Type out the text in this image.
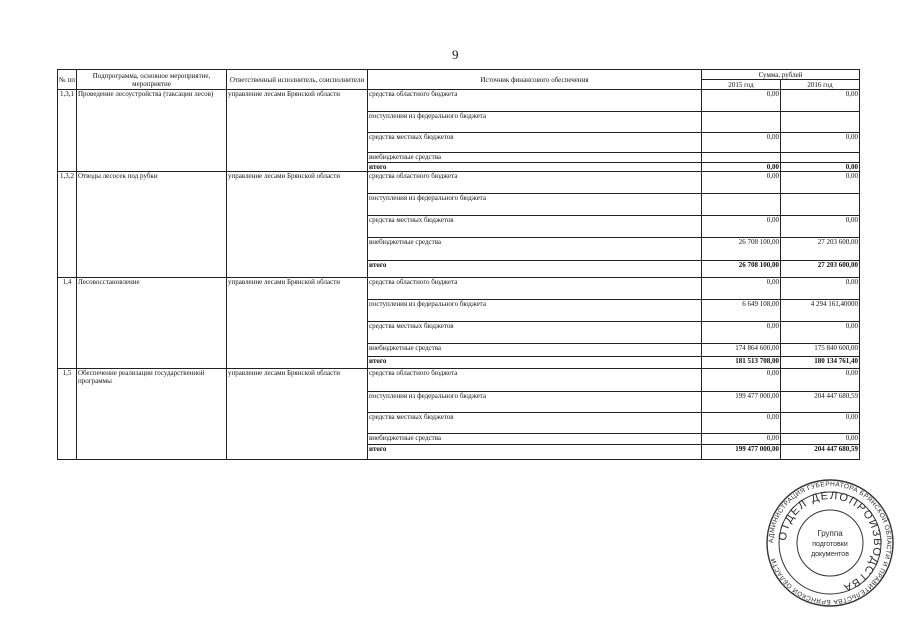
9
№ пп	Подпрограмма, основное мероприятие, мероприятие	Ответственный исполнитель, соисполнители	Источник финансового обеспечения	Сумма, рублей	
				2015 год	2016 год
1,3,1	Проведение лесоустройства (таксации лесов)	управление лесами Брянской области	средства областного бюджета	0,00	0,00
			поступления из федерального бюджета		
			средства местных бюджетов	0,00	0,00
			внебюджетные средства		
			итого	0,00	0,00
1,3,2	Отводы лесосек под рубки	управление лесами Брянской области	средства областного бюджета	0,00	0,00
			поступления из федерального бюджета		
			средства местных бюджетов	0,00	0,00
			внебюджетные средства	26 708 100,00	27 203 600,00
			итого	26 708 100,00	27 203 600,00
1,4	Лесовосстановление	управление лесами Брянской области	средства областного бюджета	0,00	0,00
			поступления из федерального бюджета	6 649 108,00	4 294 161,40000
			средства местных бюджетов	0,00	0,00
			внебюджетные средства	174 864 600,00	175 840 600,00
			итого	181 513 708,00	180 134 761,40
1,5	Обеспечение реализации государственной программы	управление лесами Брянской области	средства областного бюджета	0,00	0,00
			поступления из федерального бюджета	199 477 000,00	204 447 680,59
			средства местных бюджетов	0,00	0,00
			внебюджетные средства	0,00	0,00
			итого	199 477 000,00	204 447 680,59
АДМИНИСТРАЦИЯ ГУБЕРНАТОРА БРЯНСКОЙ ОБЛАСТИ И ПРАВИТЕЛЬСТВА БРЯНСКОЙ ОБЛАСТИ
ОТДЕЛ ДЕЛОПРОИЗВОДСТВА
Группа
подготовки
документов
